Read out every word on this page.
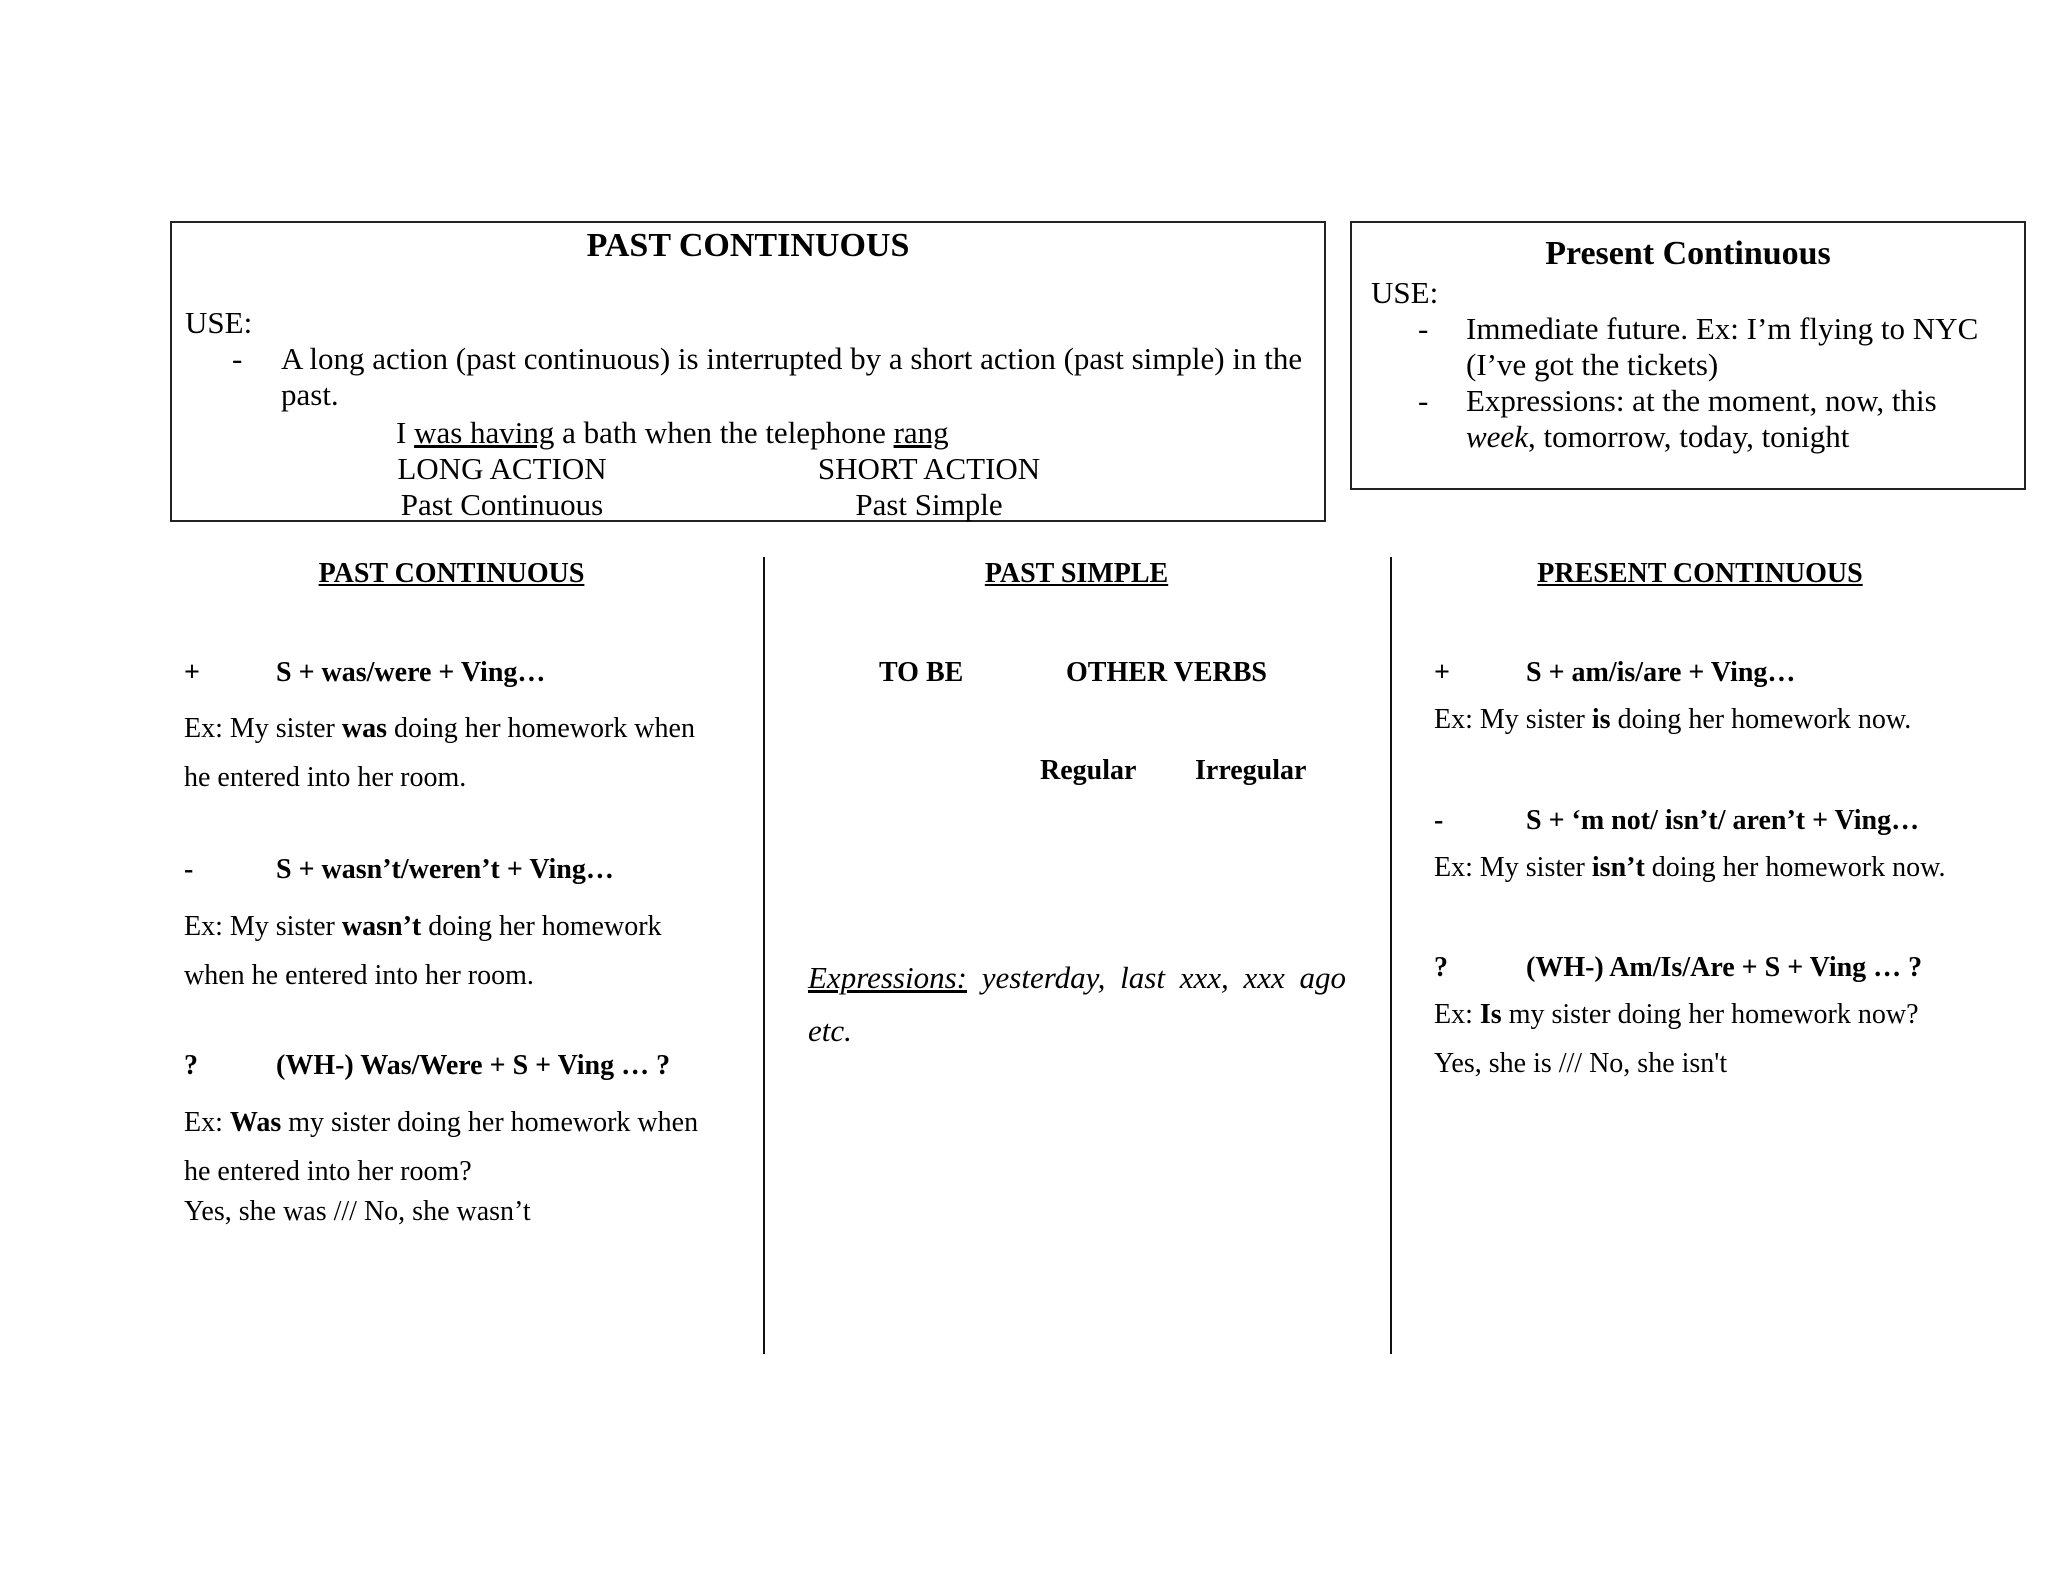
PAST CONTINUOUS
USE:
- A long action (past continuous) is interrupted by a short action (past simple) in the past.
I was having a bath when the telephone rang
LONG ACTION	SHORT ACTION
Past Continuous	Past Simple
Present Continuous
USE:
- Immediate future. Ex: I’m flying to NYC (I’ve got the tickets)
- Expressions: at the moment, now, this week, tomorrow, today, tonight
PAST CONTINUOUS
+	S + was/were + Ving…
Ex: My sister was doing her homework when he entered into her room.
-	S + wasn’t/weren’t + Ving…
Ex: My sister wasn’t doing her homework when he entered into her room.
?	(WH-) Was/Were + S + Ving … ?
Ex: Was my sister doing her homework when he entered into her room?
Yes, she was /// No, she wasn’t
PAST SIMPLE
TO BE	OTHER VERBS
Regular Irregular
Expressions: yesterday, last xxx, xxx ago etc.
PRESENT CONTINUOUS
+	S + am/is/are + Ving…
Ex: My sister is doing her homework now.
-	S + ‘m not/ isn’t/ aren’t + Ving…
Ex: My sister isn’t doing her homework now.
?	(WH-) Am/Is/Are + S + Ving … ?
Ex: Is my sister doing her homework now?
Yes, she is /// No, she isn't
